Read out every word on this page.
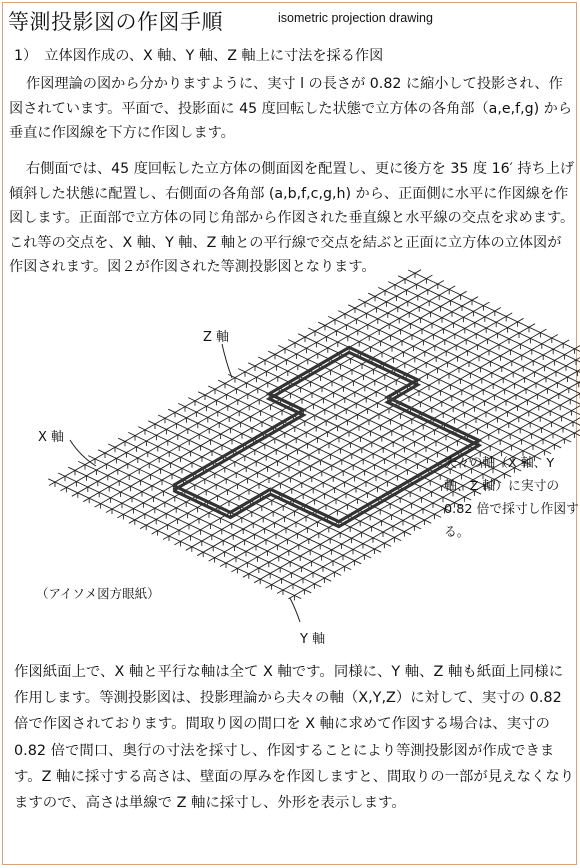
等測投影図の作図手順	isometric projection drawing
1）　立体図作成の、X 軸、Y 軸、Z 軸上に寸法を採る作図

作図理論の図から分かりますように、実寸 l の長さが 0.82 に縮小して投影され、作図されています。平面で、投影面に 45 度回転した状態で立方体の各角部（a,e,f,g) から垂直に作図線を下方に作図します。

右側面では、45 度回転した立方体の側面図を配置し、更に後方を 35 度 16′ 持ち上げ傾斜した状態に配置し、右側面の各角部 (a,b,f,c,g,h) から、正面側に水平に作図線を作図します。正面部で立方体の同じ角部から作図された垂直線と水平線の交点を求めます。これ等の交点を、X 軸、Y 軸、Z 軸との平行線で交点を結ぶと正面に立方体の立体図が作図されます。図２が作図された等測投影図となります。

Z 軸
X 軸
Y 軸
（アイソメ図方眼紙）
夫々の軸（X 軸、Y 軸、Z 軸）に実寸の 0.82 倍で採寸し作図する。
作図紙面上で、X 軸と平行な軸は全て X 軸です。同様に、Y 軸、Z 軸も紙面上同様に作用します。等測投影図は、投影理論から夫々の軸（X,Y,Z）に対して、実寸の 0.82 倍で作図されております。間取り図の間口を X 軸に求めて作図する場合は、実寸の 0.82 倍で間口、奥行の寸法を採寸し、作図することにより等測投影図が作成できます。Z 軸に採寸する高さは、壁面の厚みを作図しますと、間取りの一部が見えなくなりますので、高さは単線で Z 軸に採寸し、外形を表示します。
